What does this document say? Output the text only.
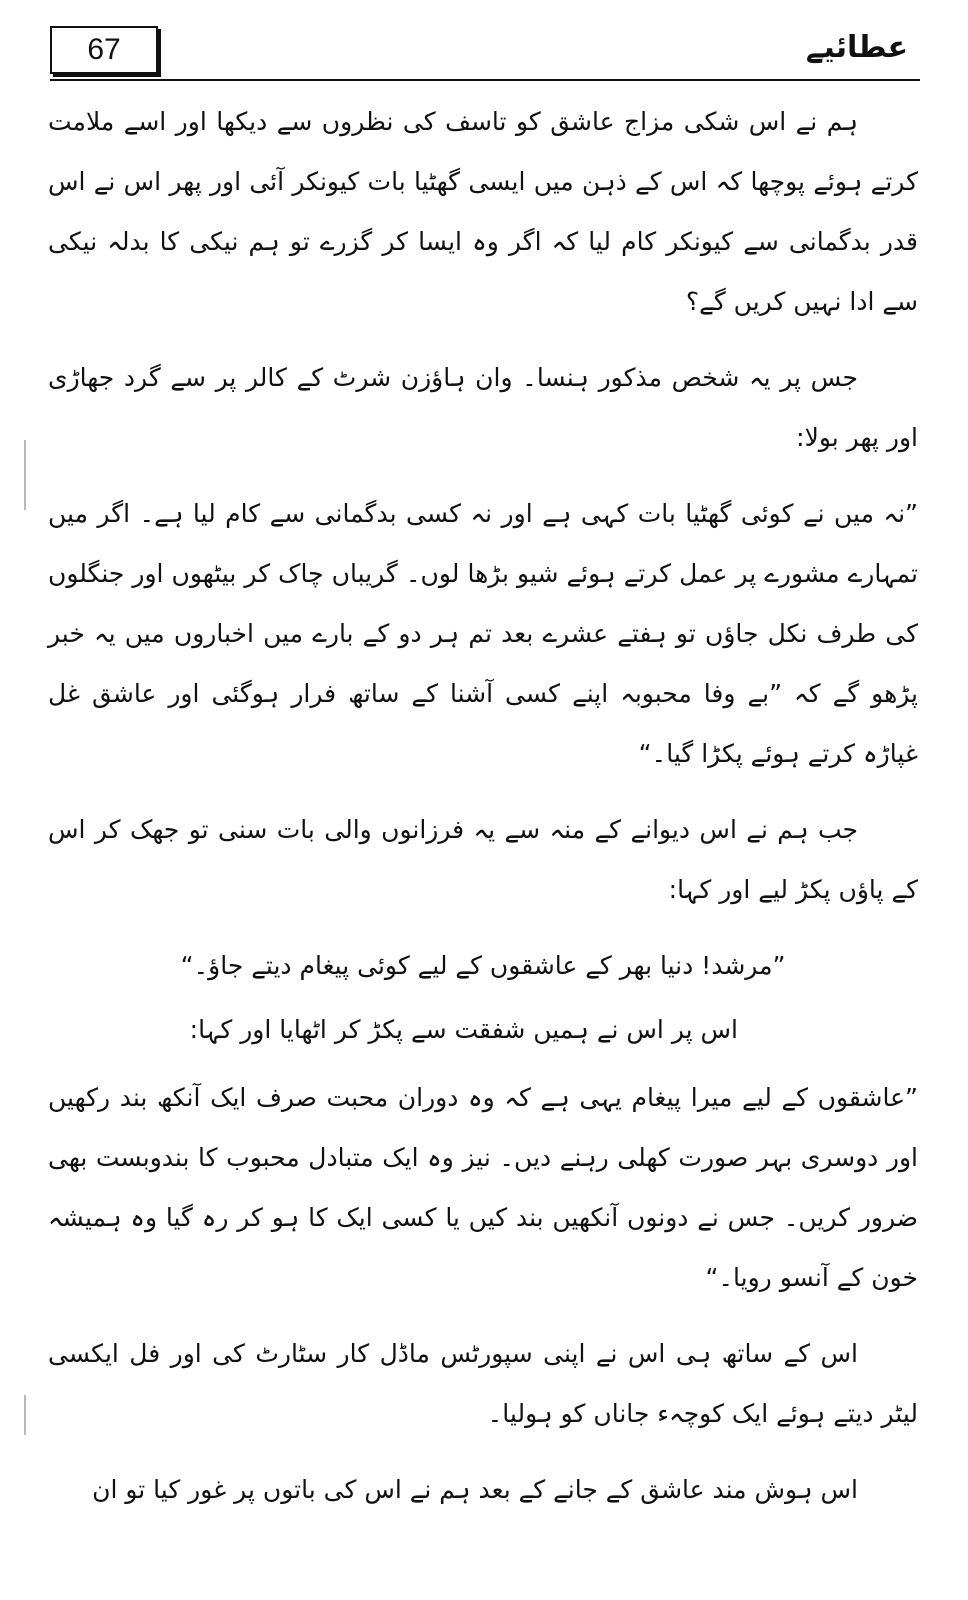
67	عطائیے

ہم نے اس شکی مزاج عاشق کو تاسف کی نظروں سے دیکھا اور اسے ملامت کرتے ہوئے پوچھا کہ اس کے ذہن میں ایسی گھٹیا بات کیونکر آئی اور پھر اس نے اس قدر بدگمانی سے کیونکر کام لیا کہ اگر وہ ایسا کر گزرے تو ہم نیکی کا بدلہ نیکی سے ادا نہیں کریں گے؟

جس پر یہ شخص مذکور ہنسا۔ وان ہاؤزن شرٹ کے کالر پر سے گرد جھاڑی اور پھر بولا:

”نہ میں نے کوئی گھٹیا بات کہی ہے اور نہ کسی بدگمانی سے کام لیا ہے۔ اگر میں تمہارے مشورے پر عمل کرتے ہوئے شیو بڑھا لوں۔ گریباں چاک کر بیٹھوں اور جنگلوں کی طرف نکل جاؤں تو ہفتے عشرے بعد تم ہر دو کے بارے میں اخباروں میں یہ خبر پڑھو گے کہ ”بے وفا محبوبہ اپنے کسی آشنا کے ساتھ فرار ہوگئی اور عاشق غل غپاڑہ کرتے ہوئے پکڑا گیا۔“

جب ہم نے اس دیوانے کے منہ سے یہ فرزانوں والی بات سنی تو جھک کر اس کے پاؤں پکڑ لیے اور کہا:

”مرشد! دنیا بھر کے عاشقوں کے لیے کوئی پیغام دیتے جاؤ۔“

اس پر اس نے ہمیں شفقت سے پکڑ کر اٹھایا اور کہا:

”عاشقوں کے لیے میرا پیغام یہی ہے کہ وہ دوران محبت صرف ایک آنکھ بند رکھیں اور دوسری بہر صورت کھلی رہنے دیں۔ نیز وہ ایک متبادل محبوب کا بندوبست بھی ضرور کریں۔ جس نے دونوں آنکھیں بند کیں یا کسی ایک کا ہو کر رہ گیا وہ ہمیشہ خون کے آنسو رویا۔“

اس کے ساتھ ہی اس نے اپنی سپورٹس ماڈل کار سٹارٹ کی اور فل ایکسی لیٹر دیتے ہوئے ایک کوچہء جاناں کو ہولیا۔

اس ہوش مند عاشق کے جانے کے بعد ہم نے اس کی باتوں پر غور کیا تو ان
